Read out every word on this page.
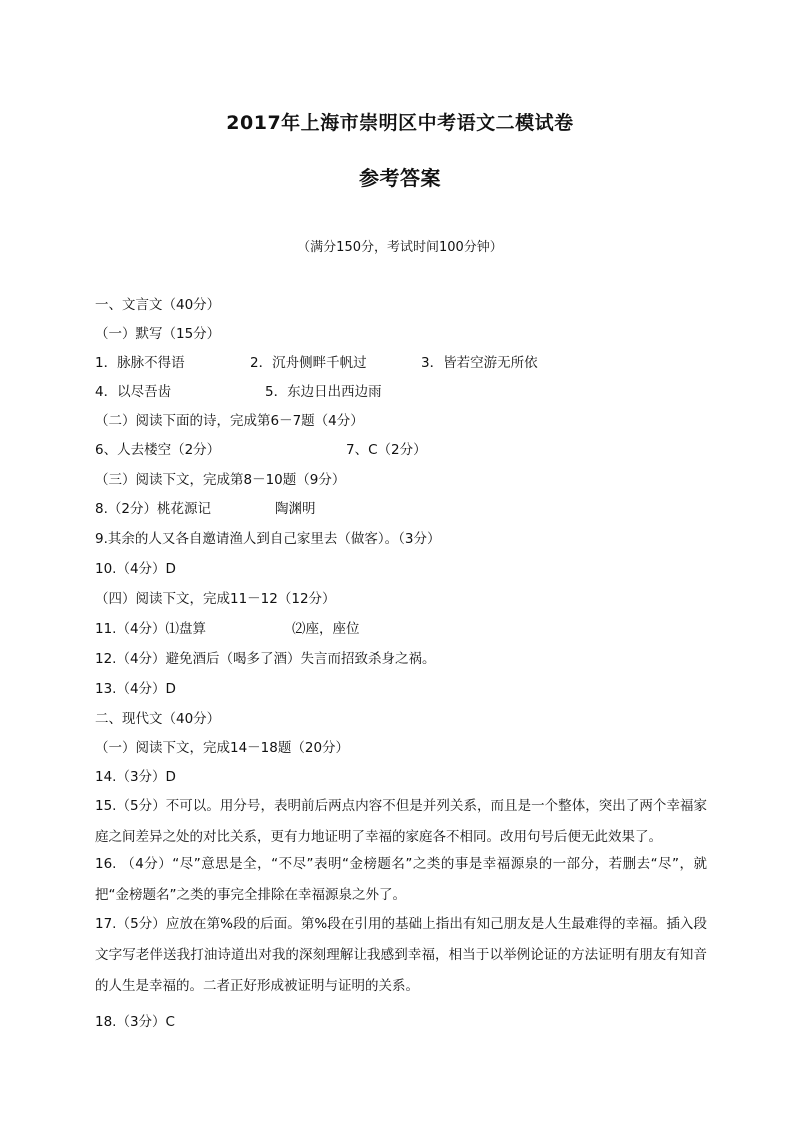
2017年上海市崇明区中考语文二模试卷
参考答案
（满分150分，考试时间100分钟）
一、文言文（40分）
（一）默写（15分）
1．脉脉不得语	2．沉舟侧畔千帆过	3．皆若空游无所依
4．以尽吾齿	5．东边日出西边雨
（二）阅读下面的诗，完成第6－7题（4分）
6、人去楼空（2分）	7、C（2分）
（三）阅读下文，完成第8－10题（9分）
8.（2分）桃花源记	陶渊明
9.其余的人又各自邀请渔人到自己家里去（做客）。（3分）
10.（4分）D
（四）阅读下文，完成11－12（12分）
11.（4分）⑴盘算	⑵座，座位
12.（4分）避免酒后（喝多了酒）失言而招致杀身之祸。
13.（4分）D
二、现代文（40分）
（一）阅读下文，完成14－18题（20分）
14.（3分）D
15.（5分）不可以。用分号，表明前后两点内容不但是并列关系，而且是一个整体，突出了两个幸福家庭之间差异之处的对比关系，更有力地证明了幸福的家庭各不相同。改用句号后便无此效果了。
16. （4分）“尽”意思是全，“不尽”表明“金榜题名”之类的事是幸福源泉的一部分，若删去“尽”，就把“金榜题名”之类的事完全排除在幸福源泉之外了。
17.（5分）应放在第%段的后面。第%段在引用的基础上指出有知己朋友是人生最难得的幸福。插入段文字写老伴送我打油诗道出对我的深刻理解让我感到幸福，相当于以举例论证的方法证明有朋友有知音的人生是幸福的。二者正好形成被证明与证明的关系。
18.（3分）C
